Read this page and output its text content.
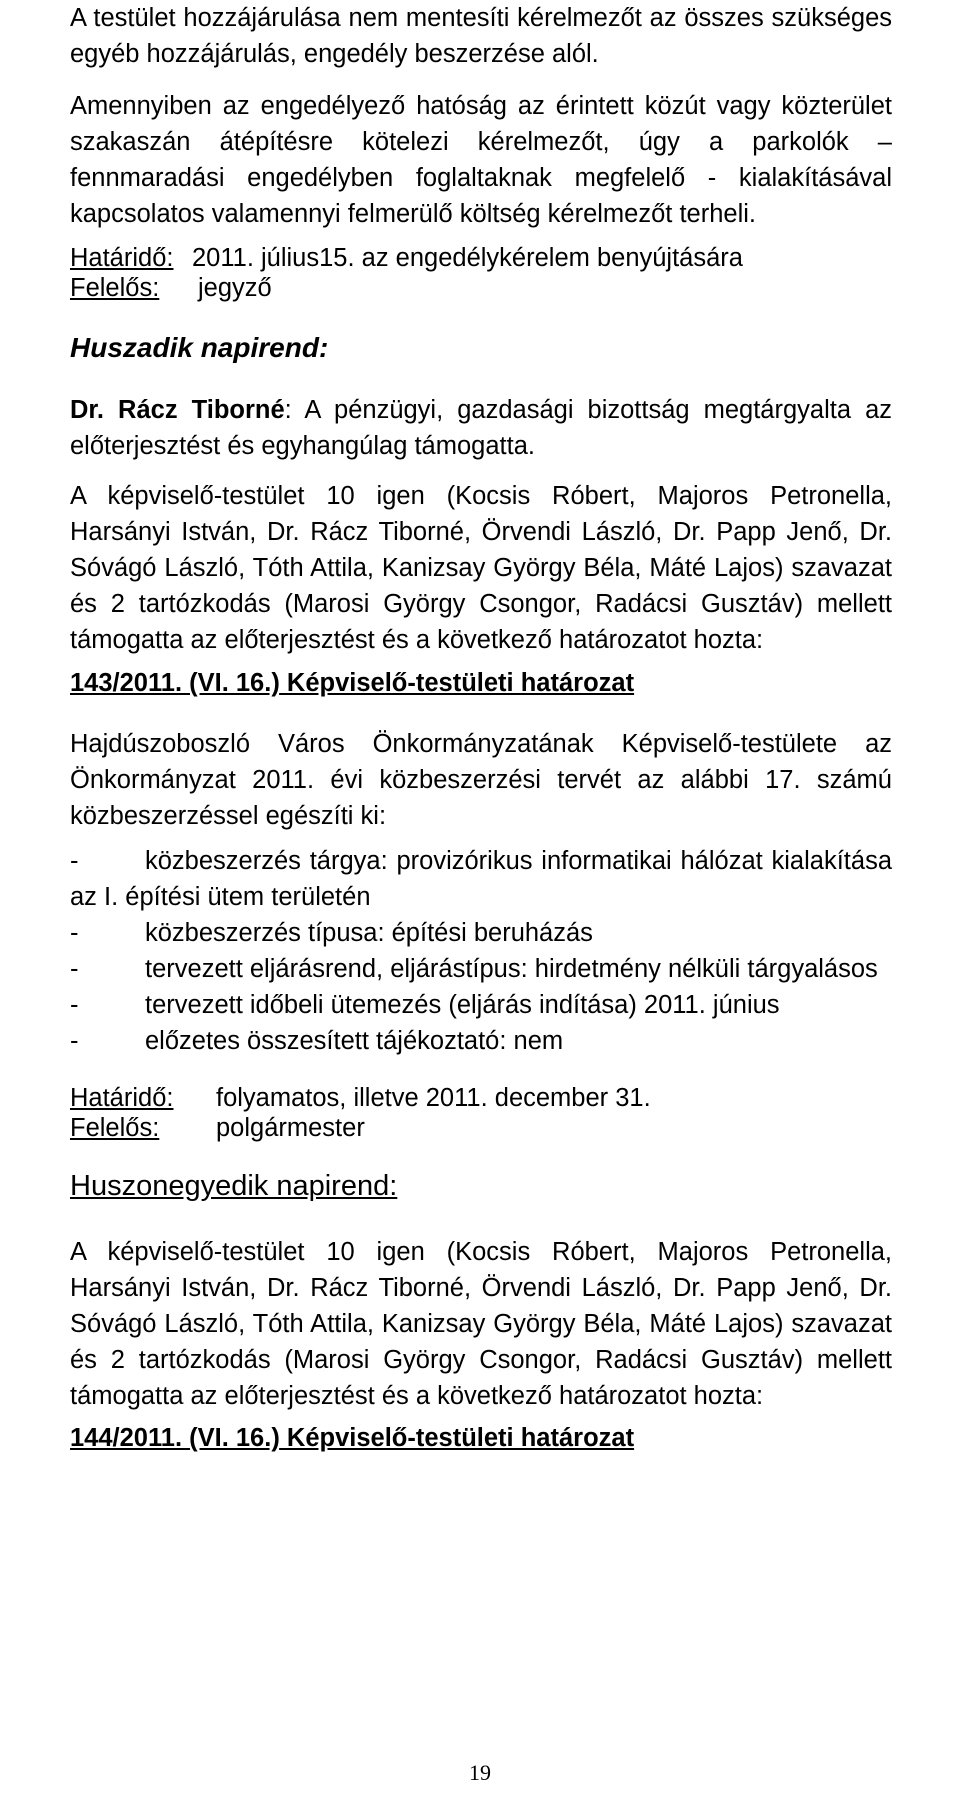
A testület hozzájárulása nem mentesíti kérelmezőt az összes szükséges egyéb hozzájárulás, engedély beszerzése alól.

Amennyiben az engedélyező hatóság az érintett közút vagy közterület szakaszán átépítésre kötelezi kérelmezőt, úgy a parkolók – fennmaradási engedélyben foglaltaknak megfelelő - kialakításával kapcsolatos valamennyi felmerülő költség kérelmezőt terheli.

Határidő: 2011. július15. az engedélykérelem benyújtására
Felelős:	jegyző

Huszadik napirend:

Dr. Rácz Tiborné: A pénzügyi, gazdasági bizottság megtárgyalta az előterjesztést és egyhangúlag támogatta.

A képviselő-testület 10 igen (Kocsis Róbert, Majoros Petronella, Harsányi István, Dr. Rácz Tiborné, Örvendi László, Dr. Papp Jenő, Dr. Sóvágó László, Tóth Attila, Kanizsay György Béla, Máté Lajos) szavazat és 2 tartózkodás (Marosi György Csongor, Radácsi Gusztáv) mellett támogatta az előterjesztést és a következő határozatot hozta:

143/2011. (VI. 16.) Képviselő-testületi határozat

Hajdúszoboszló Város Önkormányzatának Képviselő-testülete az Önkormányzat 2011. évi közbeszerzési tervét az alábbi 17. számú közbeszerzéssel egészíti ki:

-	közbeszerzés tárgya: provizórikus informatikai hálózat kialakítása az I. építési ütem területén
-	közbeszerzés típusa: építési beruházás
-	tervezett eljárásrend, eljárástípus: hirdetmény nélküli tárgyalásos
-	tervezett időbeli ütemezés (eljárás indítása) 2011. június
-	előzetes összesített tájékoztató: nem
Határidő:	folyamatos, illetve 2011. december 31.
Felelős:	polgármester

Huszonegyedik napirend:

A képviselő-testület 10 igen (Kocsis Róbert, Majoros Petronella, Harsányi István, Dr. Rácz Tiborné, Örvendi László, Dr. Papp Jenő, Dr. Sóvágó László, Tóth Attila, Kanizsay György Béla, Máté Lajos) szavazat és 2 tartózkodás (Marosi György Csongor, Radácsi Gusztáv) mellett támogatta az előterjesztést és a következő határozatot hozta:

144/2011. (VI. 16.) Képviselő-testületi határozat

19
